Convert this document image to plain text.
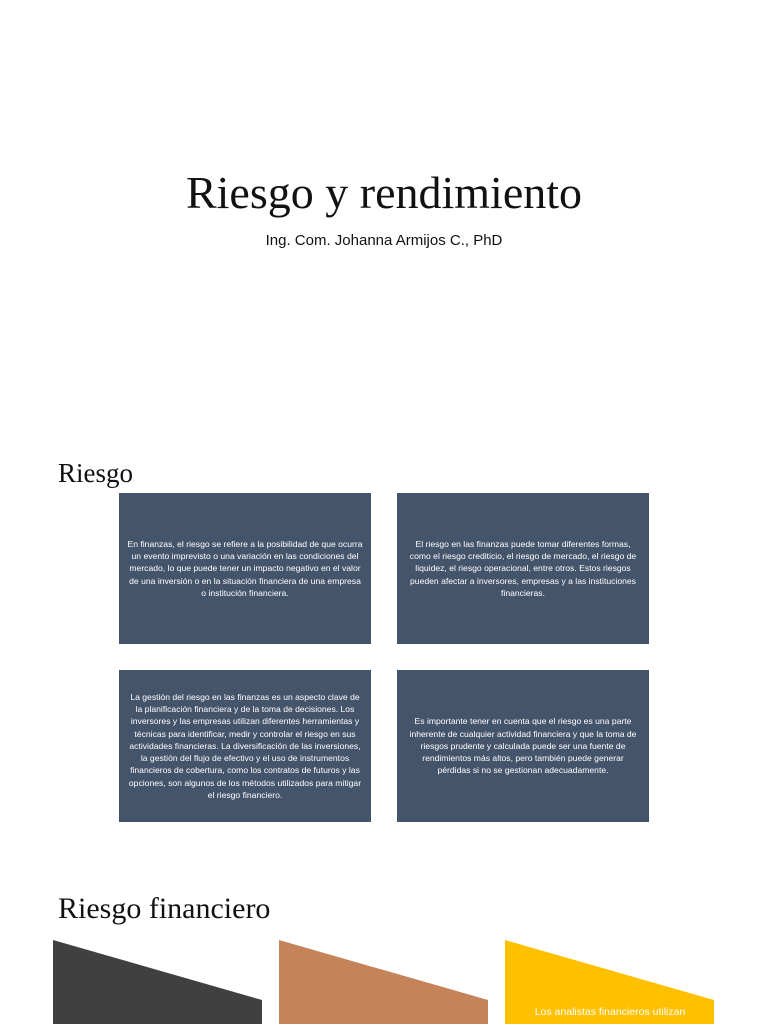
Riesgo y rendimiento
Ing. Com. Johanna Armijos C., PhD
Riesgo

En finanzas, el riesgo se refiere a la posibilidad de que ocurra un evento imprevisto o una variación en las condiciones del mercado, lo que puede tener un impacto negativo en el valor de una inversión o en la situación financiera de una empresa o institución financiera.

El riesgo en las finanzas puede tomar diferentes formas, como el riesgo crediticio, el riesgo de mercado, el riesgo de liquidez, el riesgo operacional, entre otros. Estos riesgos pueden afectar a inversores, empresas y a las instituciones financieras.

La gestión del riesgo en las finanzas es un aspecto clave de la planificación financiera y de la toma de decisiones. Los inversores y las empresas utilizan diferentes herramientas y técnicas para identificar, medir y controlar el riesgo en sus actividades financieras. La diversificación de las inversiones, la gestión del flujo de efectivo y el uso de instrumentos financieros de cobertura, como los contratos de futuros y las opciones, son algunos de los métodos utilizados para mitigar el riesgo financiero.

Es importante tener en cuenta que el riesgo es una parte inherente de cualquier actividad financiera y que la toma de riesgos prudente y calculada puede ser una fuente de rendimientos más altos, pero también puede generar pérdidas si no se gestionan adecuadamente.

Riesgo financiero
Los analistas financieros utilizan
